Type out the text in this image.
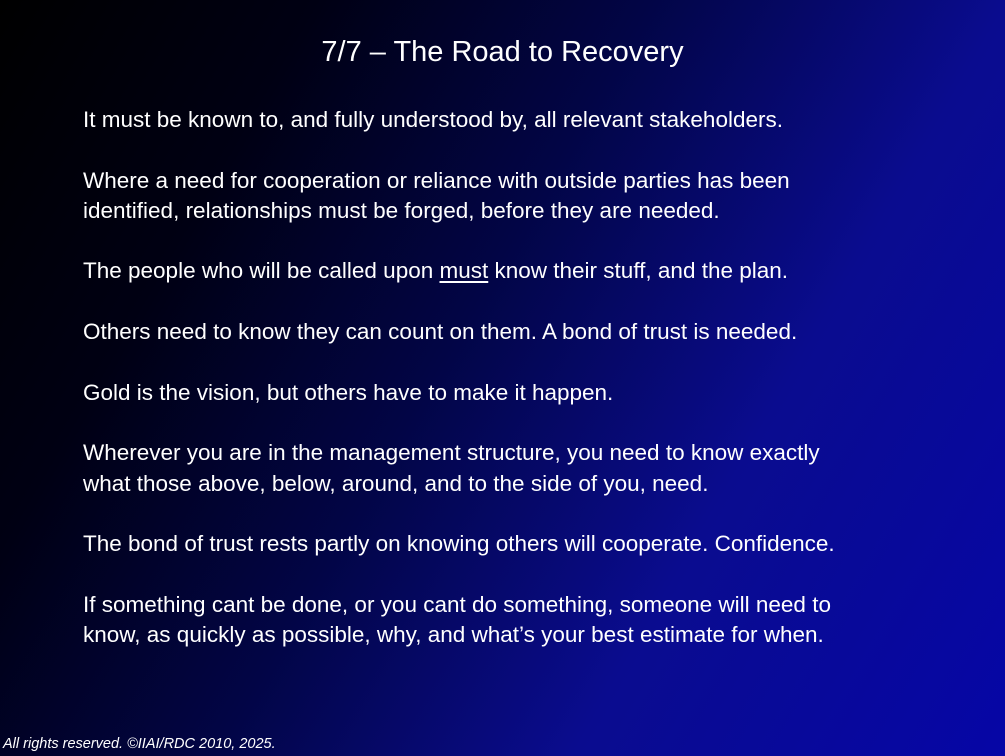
7/7 – The Road to Recovery

It must be known to, and fully understood by, all relevant stakeholders.

Where a need for cooperation or reliance with outside parties has been
identified, relationships must be forged, before they are needed.

The people who will be called upon must know their stuff, and the plan.

Others need to know they can count on them. A bond of trust is needed.

Gold is the vision, but others have to make it happen.

Wherever you are in the management structure, you need to know exactly
what those above, below, around, and to the side of you, need.

The bond of trust rests partly on knowing others will cooperate. Confidence.

If something cant be done, or you cant do something, someone will need to
know, as quickly as possible, why, and what’s your best estimate for when.

All rights reserved. ©IIAI/RDC 2010, 2025.
